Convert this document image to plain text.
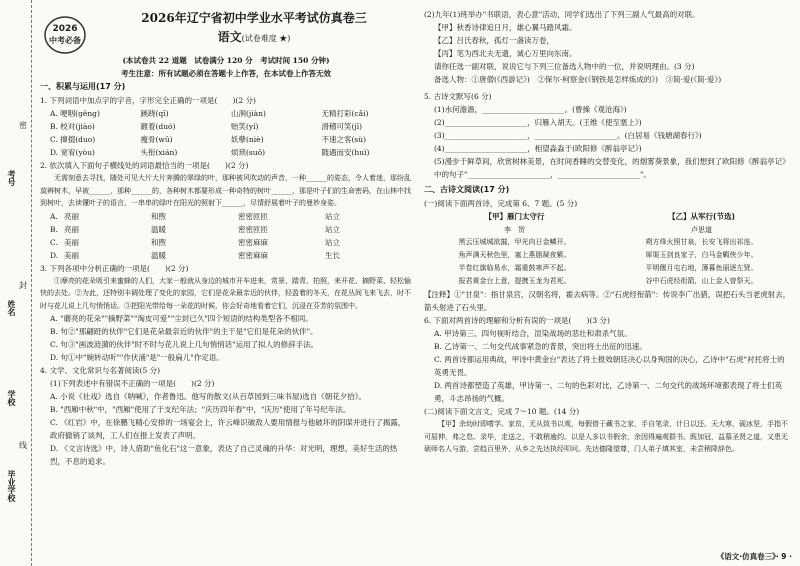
考号
姓名
学校
毕业学校
密
封
线
2026
中考必备
2026年辽宁省初中学业水平考试仿真卷三
语文(试卷难度 ★)
(本试卷共 22 道题　试卷满分 120 分　考试时间 150 分钟)
考生注意：所有试题必须在答题卡上作答，在本试卷上作答无效
一、积累与运用(17 分)
1. 下列词语中加点字的字音，字形完全正确的一项是(　　)(2 分)
A. 哽咽(ɡěnɡ)	蹊跷(qī)	山涧(jiàn)	无精打彩(cǎi)
B. 校对(jiào)	踱着(duó)	贻笑(yí)	滑稽可笑(jī)
C. 撺掇(duo)	瘦骨(wū)	妖孽(niè)	不速之客(sù)
D. 宽宥(yòu)	头衔(xián)	烦琐(suǒ)	随遇而安(huì)
2. 依次填入下面句子横线处的词语最恰当的一项是(　　)(2 分)
无需刻意去寻找，随处可见大片大片奔腾的翠绿的叶，那种被风吹动的声音，一种______的姿态，令人着迷，那纷乱莫辨树木，早被______，那种______的，各种树木都要形成一种奇特的树叶______，那是叶子们的生命密码，在山林中找到树叶，去读懂叶子的语言，一串串的绿叶在阳光的照射下______，尽情舒展着叶子的曼妙身姿。
A. 亮丽	和煦	密密匝匝	站立
B. 亮丽	温暖	密密匝匝	站立
C. 美丽	和煦	密密麻麻	站立
D. 美丽	温暖	密密麻麻	生长
3. 下列各项中分析正确的一项是(　　)(2 分)
①摩亮的花朵吸引来蜜蜂的人们，大家一般就从身边的城市开车进来，赏景、踏青、拍照，来开花、摘野菜、轻松愉快的去处。②为此，还特别丰调处理了变化的家园，它们是花朵最亲近的伙伴，轻盈着的冬天，在花丛间飞来飞去，时不时与花儿说上几句悄悄话。③把阳光带给每一朵花的时候，你会好奇地看着它们，沉浸在芬芳的氛围中。
A. "蘑亮的花朵""摘野菜""淘皮可爱""尘封已久"四个短语的结构类型各不相同。
B. 句②"那翩跹的伙伴"它们是花朵最亲近的伙伴"的主干是"它们是花朵的伙伴"。
C. 句③"画波涟漪的伙伴"时不时与花儿说上几句悄悄话"运用了拟人的修辞手法。
D. 句①中"婉转动听""作伏涌"是"一般扁儿"作定语。
4. 文学、文化常识与名著阅读(5 分)
(1)下列表述中有错误不正确的一项是(　　)(2 分)
A. 小说《社戏》选自《呐喊》，作者鲁迅。他写的散文(从百草园到三味书屋)选自《朝花夕拾》。
B. "西厢中秋"中，"西厢"使用了于支纪年法；"庆历四年春"中，"庆历"使用了年号纪年法。
C. 《红岩》中，在徐鹏飞精心安排的一场宴会上，许云峰识破敌人要用情报与他破坏的阴谋并进行了揭露，政府撤销了谈判，工人们在报上发表了声明。
D. 《文言诗选》中，诗人借助"鱼化石"这一意象，表达了自己灵魂的升华：对光明，理想，美好生活的热烈，不息的追求。
(2)九年(1)班举办"书联语，表心意"活动，同学们选出了下列三副人气最高的对联。
【甲】秋香诗律追日月，雄心翼马踏风霜。
【乙】吕氏春秋，孤灯一盏读万卷，
【丙】笔为西北夫无遗，诚心万里向东南。
请你任选一副对联，说说它与下列三位备选人物中的一位，并说明理由。(3 分)
备选人物：①唐僧(《西游记》)　②保尔·柯察金(《钢铁是怎样炼成的》)　③简·爱(《简·爱》)
5. 古诗文默写(6 分)
(1)水何澹澹，______________________。(曹操《观沧海》)
(2)______________________，归雁入胡天。(王维《使至塞上》)
(3)______________________，______________________。(白居易《钱塘湖春行》)
(4)______________________，相望淼淼于(欧阳修《醉翁亭记》)
(5)漫步于鲜草间，欣赏树林美景，在时间香睡的交替变化，的烟雾葵景象，我们想到了欧阳修《醉翁亭记》中的句子"______________________，______________________"。
二、古诗文阅读(17 分)
(一)阅读下面两首诗，完成第 6、7 题。(5 分)
【甲】雁门太守行
李　贺
黑云压城城欲摧，甲光向日金鳞开。
角声满天秋色里，塞上燕脂凝夜紫。
半卷红旗临易水，霜重鼓寒声不起。
报君黄金台上意，提携玉龙为君死。
【乙】从军行(节选)
卢思道
朔方烽火照甘泉，长安飞将出祁连。
犀渠玉剑良家子，白马金羁侠少年。
平明偃月屯右地，薄暮鱼丽逐左贤。
谷中石虎经衔箭，山上金人曾祭天。
【注释】①"甘泉"：指甘泉宫，汉朝名将，霍去病等。②"石虎经衔箭"：传说李广出猎，误把石头当老虎射去，箭头射进了石头里。
6. 下面对两首诗的理解和分析有误的一项是(　　)(3 分)
A. 甲诗第三、四句视听结合，渲染战场的悲壮和肃杀气氛。
B. 乙诗第一、二句交代战事紧急的背景，突出将士出征的迅速。
C. 两首诗都运用典故，甲诗中黄金台"表达了将士报效朝廷决心以身殉国的决心，乙诗中"石虎"衬托将士的英勇无畏。
D. 两首诗都塑造了英雄，甲诗第一、二句的色彩对比，乙诗第一、二句交代的战场环境都表现了将士们英勇，斗志昂扬的气概。
(二)阅读下面文言文，完成 7～10 题。(14 分)
【甲】余幼时即嗜学。家贫，无从致书以观，每假借于藏书之家，手自笔录，计日以还。天大寒，砚冰坚，手指不可屈伸，弗之怠。录毕，走送之，不敢稍逾约。以是人多以书假余，余因得遍观群书。既加冠，益慕圣贤之道，又患无硕师名人与游，尝趋百里外，从乡之先达执经叩问。先达德隆望尊，门人弟子填其室，未尝稍降辞色。
《语文·仿真卷三》· 9 ·
